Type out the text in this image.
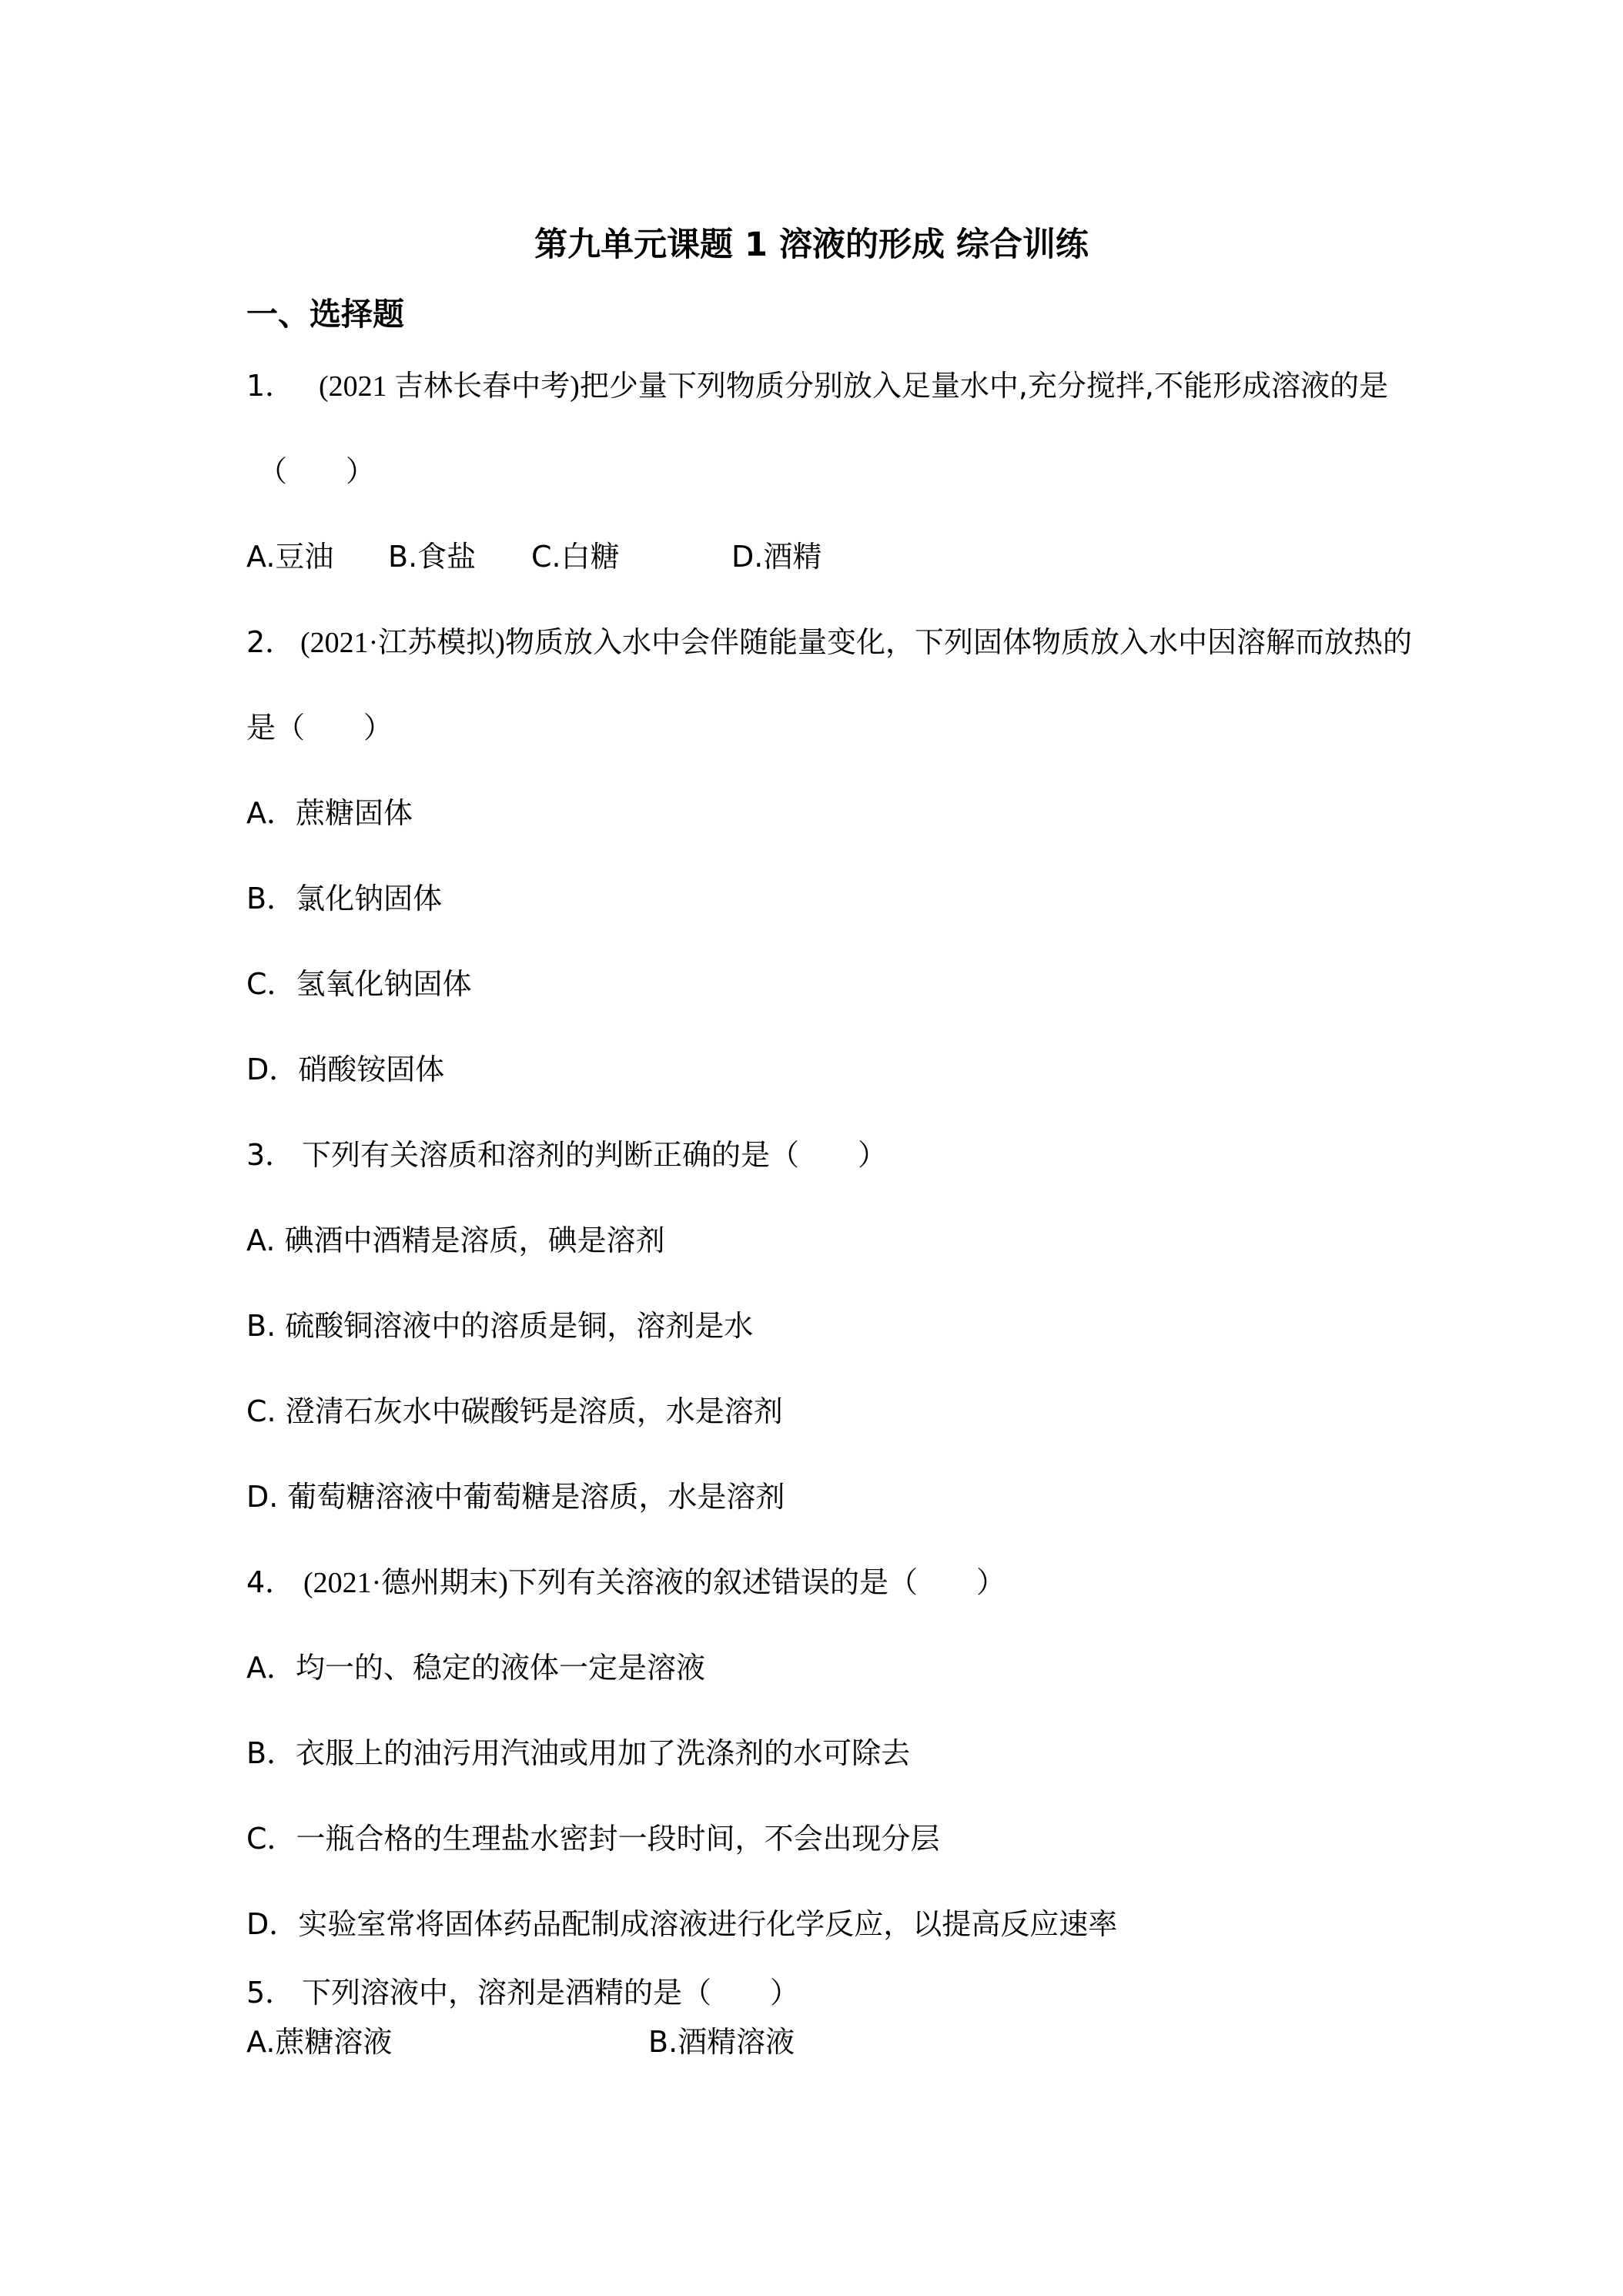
第九单元课题 1 溶液的形成 综合训练
一、选择题
1． (2021 吉林长春中考)把少量下列物质分别放入足量水中,充分搅拌,不能形成溶液的是
（　　）
A.豆油 B.食盐 C.白糖	D.酒精
2． (2021·江苏模拟)物质放入水中会伴随能量变化，下列固体物质放入水中因溶解而放热的
是（　　）
A．蔗糖固体
B．氯化钠固体
C．氢氧化钠固体
D．硝酸铵固体
3． 下列有关溶质和溶剂的判断正确的是（　　）
A. 碘酒中酒精是溶质，碘是溶剂
B. 硫酸铜溶液中的溶质是铜，溶剂是水
C. 澄清石灰水中碳酸钙是溶质，水是溶剂
D. 葡萄糖溶液中葡萄糖是溶质，水是溶剂
4． (2021·德州期末)下列有关溶液的叙述错误的是（　　）
A．均一的、稳定的液体一定是溶液
B．衣服上的油污用汽油或用加了洗涤剂的水可除去
C．一瓶合格的生理盐水密封一段时间，不会出现分层
D．实验室常将固体药品配制成溶液进行化学反应，以提高反应速率
5． 下列溶液中，溶剂是酒精的是（　　）
A.蔗糖溶液	B.酒精溶液
